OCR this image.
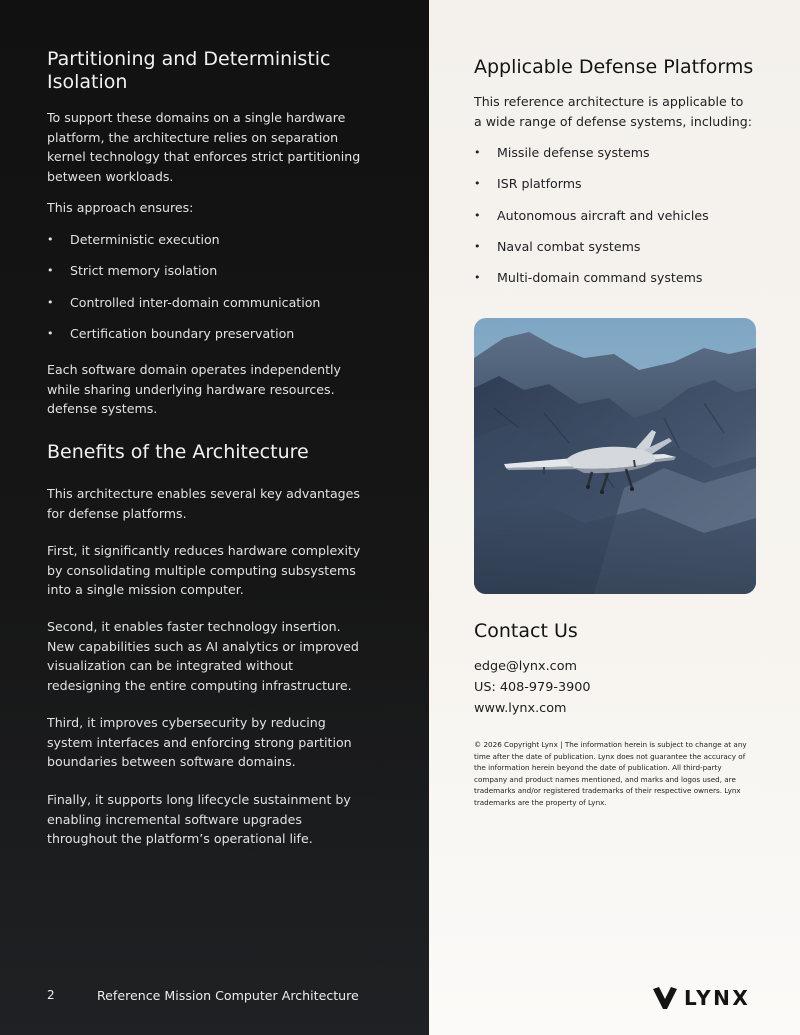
Partitioning and Deterministic Isolation

To support these domains on a single hardware platform, the architecture relies on separation kernel technology that enforces strict partitioning between workloads.

This approach ensures:

• Deterministic execution
• Strict memory isolation
• Controlled inter-domain communication
• Certification boundary preservation

Each software domain operates independently while sharing underlying hardware resources. defense systems.

Benefits of the Architecture

This architecture enables several key advantages for defense platforms.

First, it significantly reduces hardware complexity by consolidating multiple computing subsystems into a single mission computer.

Second, it enables faster technology insertion. New capabilities such as AI analytics or improved visualization can be integrated without redesigning the entire computing infrastructure.

Third, it improves cybersecurity by reducing system interfaces and enforcing strong partition boundaries between software domains.

Finally, it supports long lifecycle sustainment by enabling incremental software upgrades throughout the platform’s operational life.

2	Reference Mission Computer Architecture
Applicable Defense Platforms

This reference architecture is applicable to a wide range of defense systems, including:

• Missile defense systems
• ISR platforms
• Autonomous aircraft and vehicles
• Naval combat systems
• Multi-domain command systems
Contact Us
edge@lynx.com
US: 408-979-3900
www.lynx.com

© 2026 Copyright Lynx | The information herein is subject to change at any time after the date of publication. Lynx does not guarantee the accuracy of the information herein beyond the date of publication. All third-party company and product names mentioned, and marks and logos used, are trademarks and/or registered trademarks of their respective owners. Lynx trademarks are the property of Lynx.

LYNX
